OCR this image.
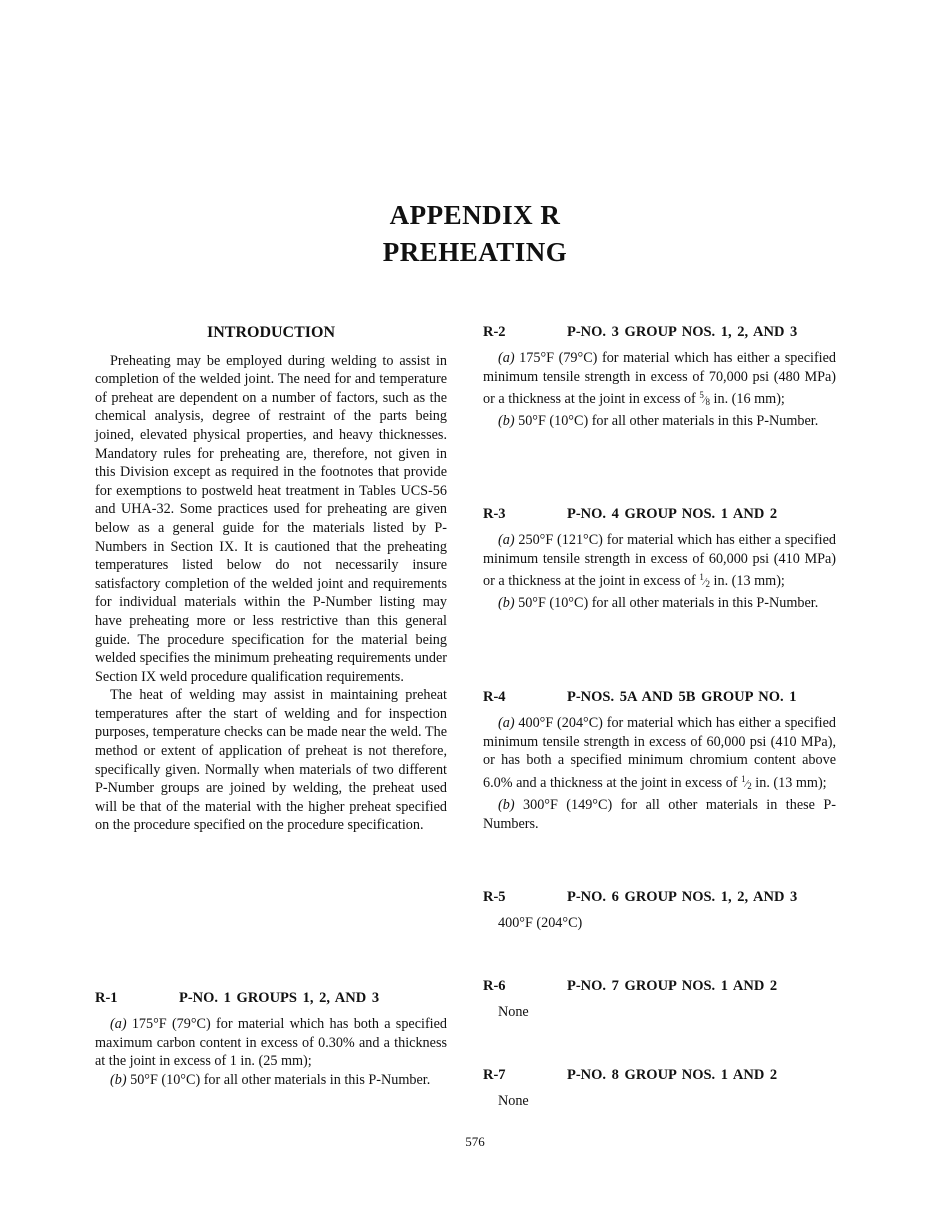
APPENDIX R
PREHEATING
INTRODUCTION

Preheating may be employed during welding to assist in completion of the welded joint. The need for and temperature of preheat are dependent on a number of factors, such as the chemical analysis, degree of restraint of the parts being joined, elevated physical properties, and heavy thicknesses. Mandatory rules for preheating are, therefore, not given in this Division except as required in the footnotes that provide for exemptions to postweld heat treatment in Tables UCS-56 and UHA-32. Some practices used for preheating are given below as a general guide for the materials listed by P-Numbers in Section IX. It is cautioned that the preheating temperatures listed below do not necessarily insure satisfactory completion of the welded joint and requirements for individual materials within the P-Number listing may have preheating more or less restrictive than this general guide. The procedure specification for the material being welded specifies the minimum preheating requirements under Section IX weld procedure qualification requirements.

The heat of welding may assist in maintaining preheat temperatures after the start of welding and for inspection purposes, temperature checks can be made near the weld. The method or extent of application of preheat is not therefore, specifically given. Normally when materials of two different P-Number groups are joined by welding, the preheat used will be that of the material with the higher preheat specified on the procedure specified on the procedure specification.

R-1	P-NO. 1 GROUPS 1, 2, AND 3

(a) 175°F (79°C) for material which has both a specified maximum carbon content in excess of 0.30% and a thickness at the joint in excess of 1 in. (25 mm);

(b) 50°F (10°C) for all other materials in this P-Number.

R-2	P-NO. 3 GROUP NOS. 1, 2, AND 3

(a) 175°F (79°C) for material which has either a specified minimum tensile strength in excess of 70,000 psi (480 MPa) or a thickness at the joint in excess of $^5⁄_8$ in. (16 mm);

(b) 50°F (10°C) for all other materials in this P-Number.

R-3	P-NO. 4 GROUP NOS. 1 AND 2

(a) 250°F (121°C) for material which has either a specified minimum tensile strength in excess of 60,000 psi (410 MPa) or a thickness at the joint in excess of $^1⁄_2$ in. (13 mm);

(b) 50°F (10°C) for all other materials in this P-Number.

R-4	P-NOS. 5A AND 5B GROUP NO. 1

(a) 400°F (204°C) for material which has either a specified minimum tensile strength in excess of 60,000 psi (410 MPa), or has both a specified minimum chromium content above 6.0% and a thickness at the joint in excess of $^1⁄_2$ in. (13 mm);

(b) 300°F (149°C) for all other materials in these P-Numbers.

R-5	P-NO. 6 GROUP NOS. 1, 2, AND 3

400°F (204°C)

R-6	P-NO. 7 GROUP NOS. 1 AND 2

None

R-7	P-NO. 8 GROUP NOS. 1 AND 2

None

576
